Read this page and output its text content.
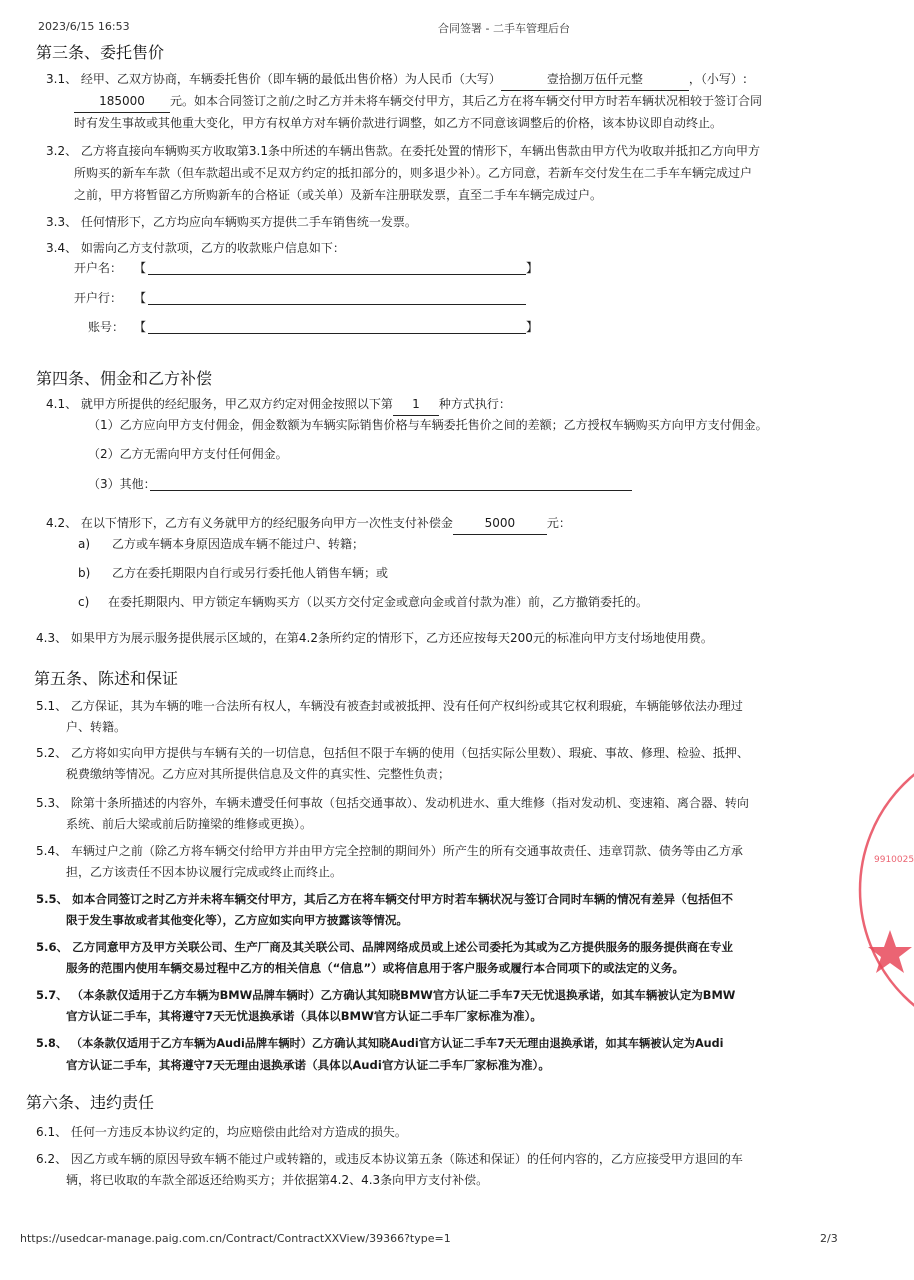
2023/6/15 16:53	合同签署 - 二手车管理后台
第三条、委托售价
3.1、 经甲、乙双方协商，车辆委托售价（即车辆的最低出售价格）为人民币（大写）	壹拾捌万伍仟元整	，（小写）:
185000 元。如本合同签订之前/之时乙方并未将车辆交付甲方，其后乙方在将车辆交付甲方时若车辆状况相较于签订合同
时有发生事故或其他重大变化，甲方有权单方对车辆价款进行调整，如乙方不同意该调整后的价格，该本协议即自动终止。
3.2、 乙方将直接向车辆购买方收取第3.1条中所述的车辆出售款。在委托处置的情形下，车辆出售款由甲方代为收取并抵扣乙方向甲方
所购买的新车车款（但车款超出或不足双方约定的抵扣部分的，则多退少补）。乙方同意，若新车交付发生在二手车车辆完成过户
之前，甲方将暂留乙方所购新车的合格证（或关单）及新车注册联发票，直至二手车车辆完成过户。
3.3、 任何情形下，乙方均应向车辆购买方提供二手车销售统一发票。
3.4、 如需向乙方支付款项，乙方的收款账户信息如下：
开户名： 【	】
开户行： 【
账号： 【	】
第四条、佣金和乙方补偿
4.1、 就甲方所提供的经纪服务，甲乙双方约定对佣金按照以下第 1 种方式执行：
（1）乙方应向甲方支付佣金，佣金数额为车辆实际销售价格与车辆委托售价之间的差额；乙方授权车辆购买方向甲方支付佣金。
（2）乙方无需向甲方支付任何佣金。
（3）其他：
4.2、 在以下情形下，乙方有义务就甲方的经纪服务向甲方一次性支付补偿金	5000	元：
a) 乙方或车辆本身原因造成车辆不能过户、转籍；
b) 乙方在委托期限内自行或另行委托他人销售车辆；或
c) 在委托期限内、甲方锁定车辆购买方（以买方交付定金或意向金或首付款为准）前，乙方撤销委托的。
4.3、 如果甲方为展示服务提供展示区域的，在第4.2条所约定的情形下，乙方还应按每天200元的标准向甲方支付场地使用费。
第五条、陈述和保证
5.1、 乙方保证，其为车辆的唯一合法所有权人，车辆没有被查封或被抵押、没有任何产权纠纷或其它权利瑕疵，车辆能够依法办理过
户、转籍。
5.2、 乙方将如实向甲方提供与车辆有关的一切信息，包括但不限于车辆的使用（包括实际公里数）、瑕疵、事故、修理、检验、抵押、
税费缴纳等情况。乙方应对其所提供信息及文件的真实性、完整性负责；
5.3、 除第十条所描述的内容外，车辆未遭受任何事故（包括交通事故）、发动机进水、重大维修（指对发动机、变速箱、离合器、转向
系统、前后大梁或前后防撞梁的维修或更换）。
5.4、 车辆过户之前（除乙方将车辆交付给甲方并由甲方完全控制的期间外）所产生的所有交通事故责任、违章罚款、债务等由乙方承
担，乙方该责任不因本协议履行完成或终止而终止。
5.5、 如本合同签订之时乙方并未将车辆交付甲方，其后乙方在将车辆交付甲方时若车辆状况与签订合同时车辆的情况有差异（包括但不
限于发生事故或者其他变化等），乙方应如实向甲方披露该等情况。
5.6、 乙方同意甲方及甲方关联公司、生产厂商及其关联公司、品牌网络成员或上述公司委托为其或为乙方提供服务的服务提供商在专业
服务的范围内使用车辆交易过程中乙方的相关信息（“信息”）或将信息用于客户服务或履行本合同项下的或法定的义务。
5.7、 （本条款仅适用于乙方车辆为BMW品牌车辆时）乙方确认其知晓BMW官方认证二手车7天无忧退换承诺，如其车辆被认定为BMW
官方认证二手车，其将遵守7天无忧退换承诺（具体以BMW官方认证二手车厂家标准为准）。
5.8、 （本条款仅适用于乙方车辆为Audi品牌车辆时）乙方确认其知晓Audi官方认证二手车7天无理由退换承诺，如其车辆被认定为Audi
官方认证二手车，其将遵守7天无理由退换承诺（具体以Audi官方认证二手车厂家标准为准）。
第六条、违约责任
6.1、 任何一方违反本协议约定的，均应赔偿由此给对方造成的损失。
6.2、 因乙方或车辆的原因导致车辆不能过户或转籍的，或违反本协议第五条（陈述和保证）的任何内容的，乙方应接受甲方退回的车
辆，将已收取的车款全部返还给购买方；并依据第4.2、4.3条向甲方支付补偿。
https://usedcar-manage.paig.com.cn/Contract/ContractXXView/39366?type=1	2/3
9910025
